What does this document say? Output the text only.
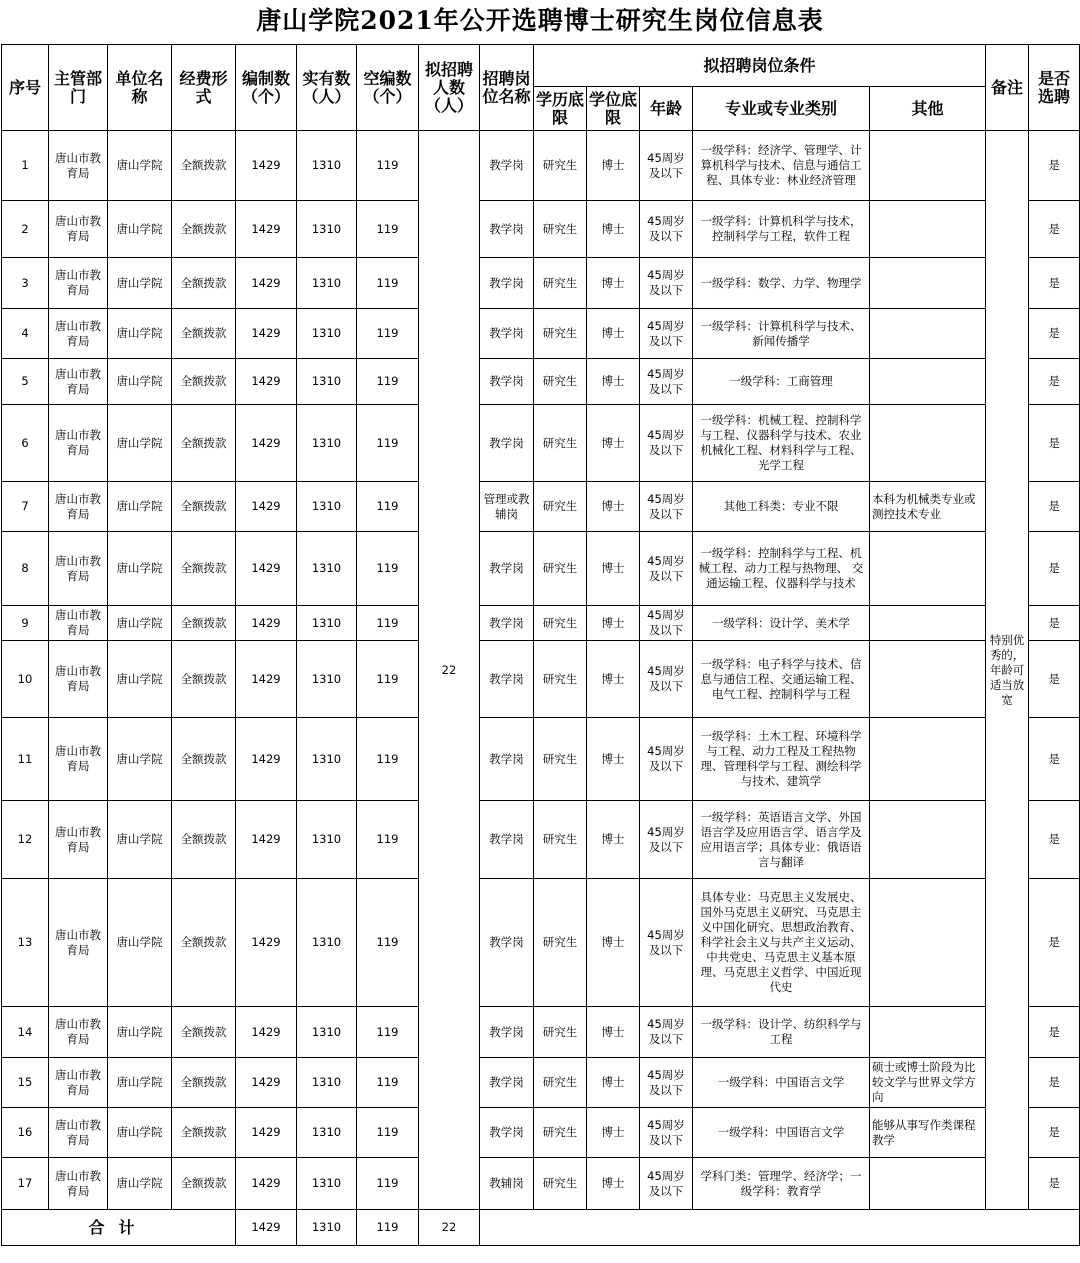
唐山学院2021年公开选聘博士研究生岗位信息表
序号	主管部门	单位名称	经费形式	编制数（个）	实有数（人）	空编数（个）	拟招聘人数（人）	招聘岗位名称	拟招聘岗位条件					备注	是否选聘
									学历底限	学位底限	年龄	专业或专业类别	其他		
1	唐山市教育局	唐山学院	全额拨款	1429	1310	119	22	教学岗	研究生	博士	45周岁及以下	一级学科：经济学、管理学、计算机科学与技术、信息与通信工程、具体专业：林业经济管理		特别优秀的，年龄可适当放宽	是
2	唐山市教育局	唐山学院	全额拨款	1429	1310	119		教学岗	研究生	博士	45周岁及以下	一级学科：计算机科学与技术，控制科学与工程，软件工程			是
3	唐山市教育局	唐山学院	全额拨款	1429	1310	119		教学岗	研究生	博士	45周岁及以下	一级学科：数学、力学、物理学			是
4	唐山市教育局	唐山学院	全额拨款	1429	1310	119		教学岗	研究生	博士	45周岁及以下	一级学科：计算机科学与技术、新闻传播学			是
5	唐山市教育局	唐山学院	全额拨款	1429	1310	119		教学岗	研究生	博士	45周岁及以下	一级学科：工商管理			是
6	唐山市教育局	唐山学院	全额拨款	1429	1310	119		教学岗	研究生	博士	45周岁及以下	一级学科：机械工程、控制科学与工程、仪器科学与技术、农业机械化工程、材料科学与工程、光学工程			是
7	唐山市教育局	唐山学院	全额拨款	1429	1310	119		管理或教辅岗	研究生	博士	45周岁及以下	其他工科类：专业不限	本科为机械类专业或测控技术专业		是
8	唐山市教育局	唐山学院	全额拨款	1429	1310	119		教学岗	研究生	博士	45周岁及以下	一级学科：控制科学与工程、机械工程、动力工程与热物理、 交通运输工程、仪器科学与技术			是
9	唐山市教育局	唐山学院	全额拨款	1429	1310	119		教学岗	研究生	博士	45周岁及以下	一级学科：设计学、美术学			是
10	唐山市教育局	唐山学院	全额拨款	1429	1310	119		教学岗	研究生	博士	45周岁及以下	一级学科：电子科学与技术、信息与通信工程、交通运输工程、电气工程、控制科学与工程			是
11	唐山市教育局	唐山学院	全额拨款	1429	1310	119		教学岗	研究生	博士	45周岁及以下	一级学科：土木工程、环境科学与工程、动力工程及工程热物理、管理科学与工程、测绘科学与技术、建筑学			是
12	唐山市教育局	唐山学院	全额拨款	1429	1310	119		教学岗	研究生	博士	45周岁及以下	一级学科：英语语言文学、外国语言学及应用语言学、语言学及应用语言学；具体专业：俄语语言与翻译			是
13	唐山市教育局	唐山学院	全额拨款	1429	1310	119		教学岗	研究生	博士	45周岁及以下	具体专业：马克思主义发展史、国外马克思主义研究、马克思主义中国化研究、思想政治教育、科学社会主义与共产主义运动、中共党史、马克思主义基本原理、马克思主义哲学、中国近现代史			是
14	唐山市教育局	唐山学院	全额拨款	1429	1310	119		教学岗	研究生	博士	45周岁及以下	一级学科：设计学、纺织科学与工程			是
15	唐山市教育局	唐山学院	全额拨款	1429	1310	119		教学岗	研究生	博士	45周岁及以下	一级学科：中国语言文学	硕士或博士阶段为比较文学与世界文学方向		是
16	唐山市教育局	唐山学院	全额拨款	1429	1310	119		教学岗	研究生	博士	45周岁及以下	一级学科：中国语言文学	能够从事写作类课程教学		是
17	唐山市教育局	唐山学院	全额拨款	1429	1310	119		教辅岗	研究生	博士	45周岁及以下	学科门类：管理学、经济学；一级学科：教育学			是
合计				1429	1310	119	22								
